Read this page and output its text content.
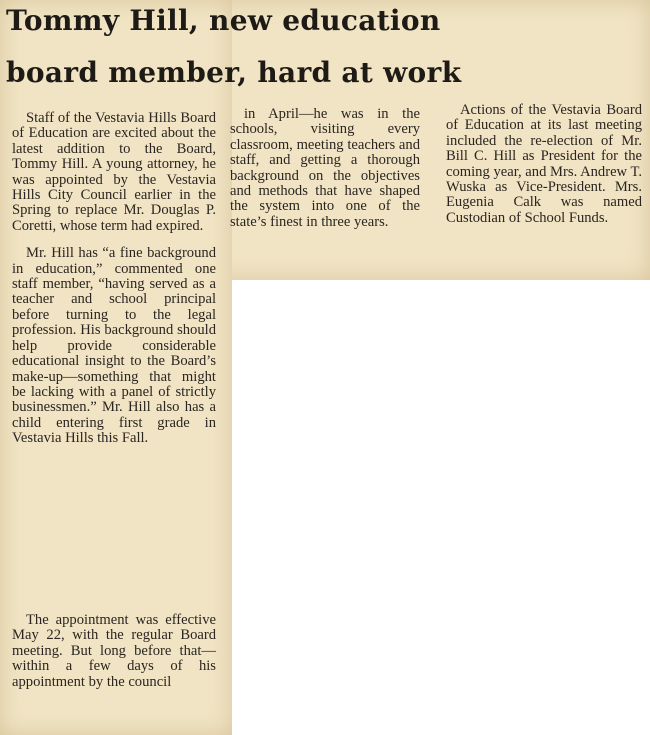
Tommy Hill, new education
board member, hard at work

Staff of the Vestavia Hills Board of Education are excited about the latest addition to the Board, Tommy Hill. A young attorney, he was appointed by the Vestavia Hills City Council earlier in the Spring to replace Mr. Douglas P. Coretti, whose term had expired.

Mr. Hill has “a fine background in education,” commented one staff member, “having served as a teacher and school principal before turning to the legal profession. His background should help provide considerable educational insight to the Board’s make-up—something that might be lacking with a panel of strictly businessmen.” Mr. Hill also has a child entering first grade in Vestavia Hills this Fall.

The appointment was effective May 22, with the regular Board meeting. But long before that—within a few days of his appointment by the council

in April—he was in the schools, visiting every classroom, meeting teachers and staff, and getting a thorough background on the objectives and methods that have shaped the system into one of the state’s finest in three years.

Actions of the Vestavia Board of Education at its last meeting included the re-election of Mr. Bill C. Hill as President for the coming year, and Mrs. Andrew T. Wuska as Vice-President. Mrs. Eugenia Calk was named Custodian of School Funds.
